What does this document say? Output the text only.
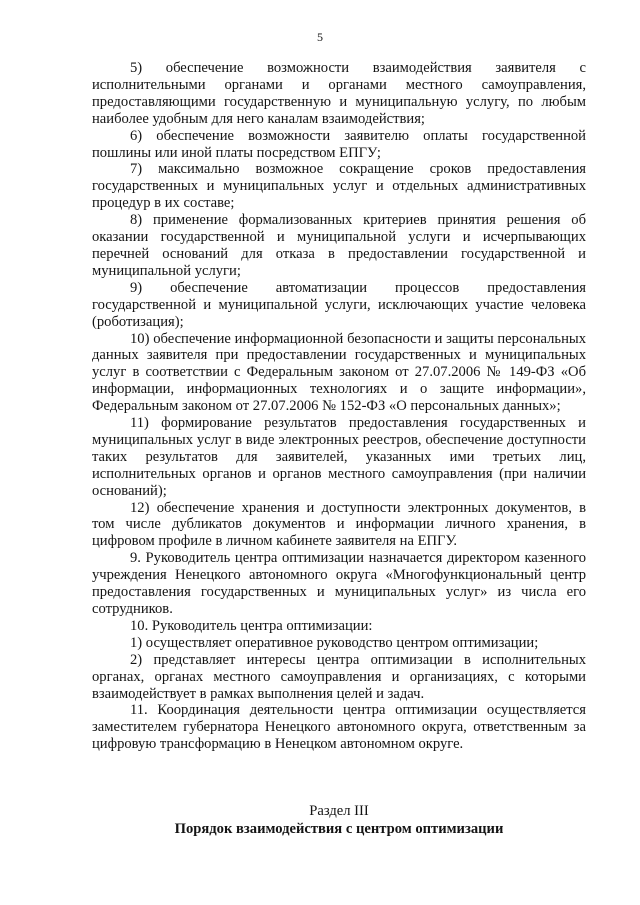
5

5) обеспечение возможности взаимодействия заявителя с исполнительными органами и органами местного самоуправления, предоставляющими государственную и муниципальную услугу, по любым наиболее удобным для него каналам взаимодействия;

6) обеспечение возможности заявителю оплаты государственной пошлины или иной платы посредством ЕПГУ;

7) максимально возможное сокращение сроков предоставления государственных и муниципальных услуг и отдельных административных процедур в их составе;

8) применение формализованных критериев принятия решения об оказании государственной и муниципальной услуги и исчерпывающих перечней оснований для отказа в предоставлении государственной и муниципальной услуги;

9) обеспечение автоматизации процессов предоставления государственной и муниципальной услуги, исключающих участие человека (роботизация);

10) обеспечение информационной безопасности и защиты персональных данных заявителя при предоставлении государственных и муниципальных услуг в соответствии с Федеральным законом от 27.07.2006 № 149-ФЗ «Об информации, информационных технологиях и о защите информации», Федеральным законом от 27.07.2006 № 152-ФЗ «О персональных данных»;

11) формирование результатов предоставления государственных и муниципальных услуг в виде электронных реестров, обеспечение доступности таких результатов для заявителей, указанных ими третьих лиц, исполнительных органов и органов местного самоуправления (при наличии оснований);

12) обеспечение хранения и доступности электронных документов, в том числе дубликатов документов и информации личного хранения, в цифровом профиле в личном кабинете заявителя на ЕПГУ.

9. Руководитель центра оптимизации назначается директором казенного учреждения Ненецкого автономного округа «Многофункциональный центр предоставления государственных и муниципальных услуг» из числа его сотрудников.

10. Руководитель центра оптимизации:

1) осуществляет оперативное руководство центром оптимизации;

2) представляет интересы центра оптимизации в исполнительных органах, органах местного самоуправления и организациях, с которыми взаимодействует в рамках выполнения целей и задач.

11. Координация деятельности центра оптимизации осуществляется заместителем губернатора Ненецкого автономного округа, ответственным за цифровую трансформацию в Ненецком автономном округе.

Раздел III
Порядок взаимодействия с центром оптимизации
